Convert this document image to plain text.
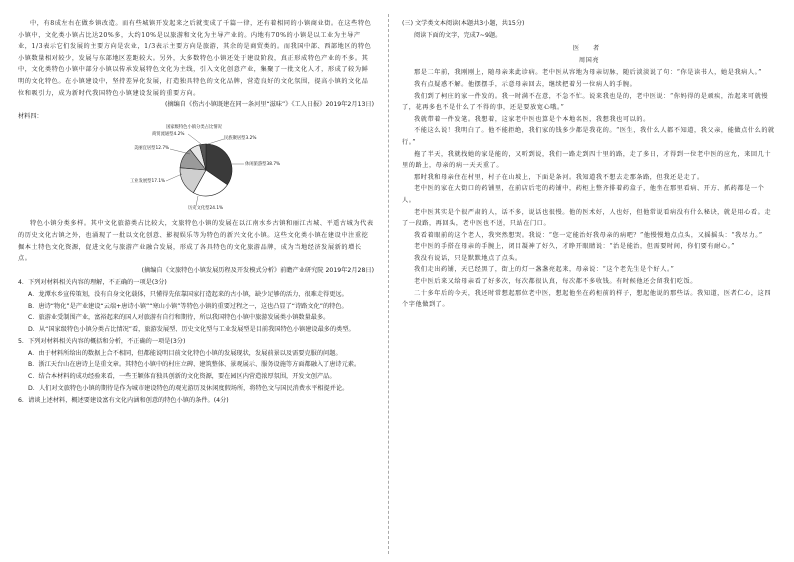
中，有8成左右在做乡镇改造。而有些城镇开发起来之后就变成了千篇一律，还有着相同的小镇商业街。在这些特色小镇中，文化类小镇占比达20%多，大约10%是以旅游和文化为主导产业的。内地有70%的小镇是以工业为主导产业，1/3表示它们发展的主要方向是农业，1/3表示主要方向是旅游，其余的是商贸类的。而我国中部、西部地区的特色小镇数量相对较少，发展与东部地区差距较大。另外，大多数特色小镇还处于建设阶段，真正形成特色产业的不多。其中，文化类特色小镇中部分小镇以传承发展特色文化为主线，引入文化创意产业，集聚了一批文化人才，形成了较为鲜明的文化特色。在小镇建设中，坚持差异化发展，打造独具特色的文化品牌，营造良好的文化氛围，提高小镇的文化品位和吸引力，成为新时代我国特色小镇建设发展的重要方向。

(摘编自《伤古小镇既建在同一条河里“滋味”》《工人日报》2019年2月13日)

材料四：

国家级特色小镇分类占比情况
商贸流通型4.2%
民族聚居型3.2%
美丽宜居型12.7%
休闲旅游型38.7%
工业发展型17.1%
历史文化型24.1%

特色小镇分类多样。其中文化旅游类占比较大，文旅特色小镇的发展在以江南水乡古镇和丽江古城、平遥古城为代表的历史文化古镇之外，也涌现了一批以文化创意、影视娱乐等为特色的新兴文化小镇。这些文化类小镇在建设中注重挖掘本土特色文化资源，促进文化与旅游产业融合发展，形成了各具特色的文化旅游品牌，成为当地经济发展新的增长点。

(摘编自《文旅特色小镇发展历程及开发模式分析》前瞻产业研究院 2019年2月28日)

4．下列对材料相关内容的理解，不正确的一项是(3分)

A．龙潭水乡宣传策划，没有自身文化载体，只懂得先依靠国家打造起来的古小镇，缺少足够的活力，很难走得更远。

B．唐诗“物化”是产业建设“云端+唐诗小镇”“寒山小镇”等特色小镇的重要过程之一，这也凸显了“诗路文化”的特色。

C．旅游业受制围产业，富裕起来的国人对旅游有自行和期待，所以我国特色小镇中旅游发展类小镇数量最多。

D．从“国家级特色小镇分类占比情况”看，旅游发展型、历史文化型与工业发展型是目前我国特色小镇建设最多的类型。

5．下列对材料相关内容的概括和分析，不正确的一项是(3分)

A．由于材料所给出的数据上合不相同，但都能说明目前文化特色小镇的发展现状，发展前景以及需要克服的问题。

B．浙江天台山在唐诗上是重文章。其特色小镇中的村庄立碑、建筑整体、景观展示、服务设施等方面都融入了唐诗元素。

C．结合本材料的成功经验来看，一些王颖体育独具创新的文化资源，要在园区内营造浓厚氛围，开发文创产品。

D．人们对文旅特色小镇的期待是作为城市建设特色的观光游历及休闲度假场所，将特色文与国民消费水平相提并论。

6．请谈上述材料，概述要建设富有文化内涵和创意的特色小镇的条件。(4分)

(三) 文学类文本阅读(本题共3小题，共15分)

阅读下面的文字，完成7~9题。

医 者

周国亮

那是二年前，我刚刚上，随母亲来此诊病。老中医从容地为母亲切脉，随后淡淡说了句：“你是读书人，她是我病人。”

我有点疑惑不解。他摆摆手，示意母亲回去，继续把着另一位病人的手腕。

我们到了柯庄的家一件发的。我一时满不在意，不急不忙。说来我也是的，老中医说：“你妈得的是顽疾，治起来可就慢了，花再多也不是什么了不得的事，还是要放宽心哦。”

我就带着一件发笔。我想着，这家老中医也算是个本地名医，我想我也可以的。

不能这么说！我明白了。他不能拒绝，我们家的钱多少都是我花的。“医生，我什么人都不知道，我父亲，能做点什么的就行。”

拖了半天，我就找她的家是能的，又听到说，我们一路走到四十里的路，走了多日，才得到一位老中医的应允，来回几十里的路上，母亲的病一天天重了。

那时我和母亲住在村里，村子在山坡上，下面是条河。我知道我不想去走那条路，但我还是走了。

老中医的家在大街口的药铺里，在前店后宅的药铺中，药柜上整齐排着药盒子，他坐在那里看病、开方、抓药都是一个人。

老中医其实是个很严肃的人，话不多，说话也很慢。他的医术好，人也好，但他常说看病没有什么秘诀，就是用心看。走了一段路，再回头，老中医也不送，只站在门口。

我看着眼前的这个老人，我突然想哭。我说：“您一定能治好我母亲的病吧？”他慢慢地点点头，又摇摇头：“我尽力。”

老中医的手搭在母亲的手腕上，闭目凝神了好久，才睁开眼睛说：“治是能治，但需要时间，你们要有耐心。”

我没有说话，只是默默地点了点头。

我们走出药铺，天已经黑了，街上的灯一盏盏亮起来，母亲说：“这个老先生是个好人。”

老中医后来又给母亲看了好多次，每次都很认真，每次都不多收钱。有时候他还会留我们吃饭。

二十多年后的今天，我还时常想起那位老中医，想起他坐在药柜前的样子，想起他说的那些话。我知道，医者仁心，这四个字他做到了。
